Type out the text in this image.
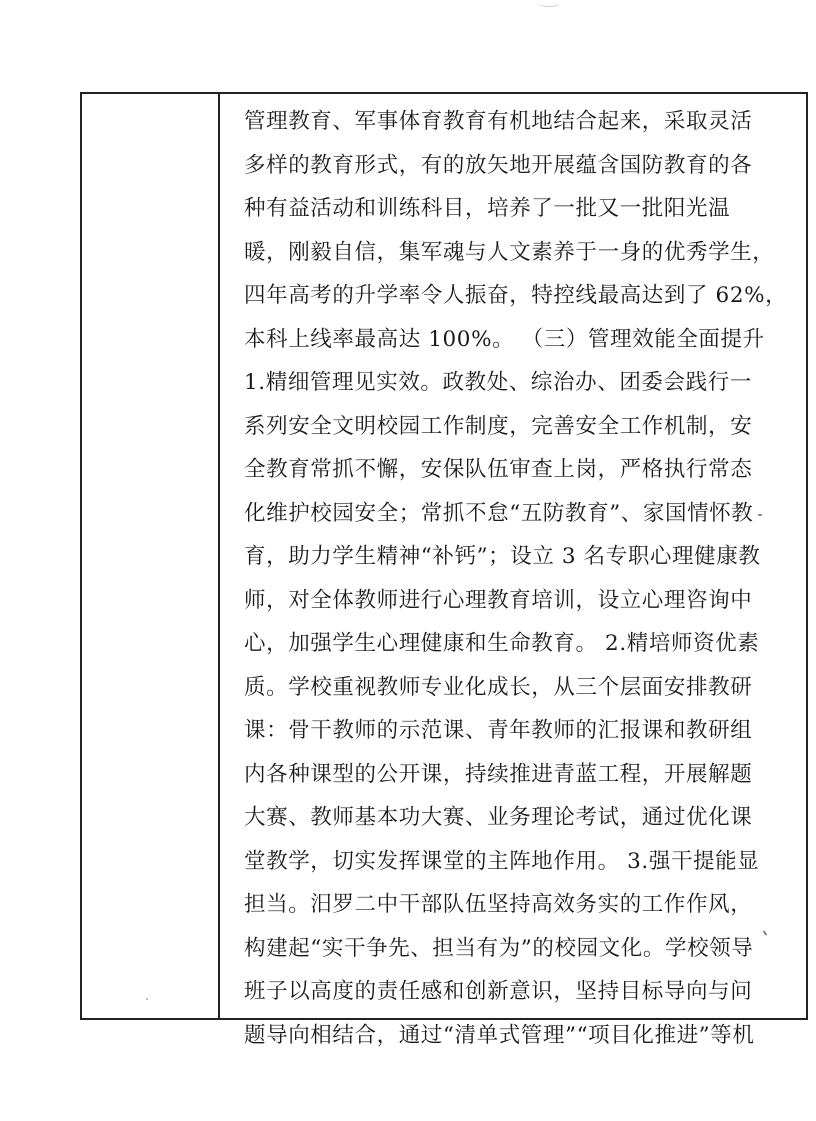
管理教育、军事体育教育有机地结合起来，采取灵活
多样的教育形式，有的放矢地开展蕴含国防教育的各
种有益活动和训练科目，培养了一批又一批阳光温
暖，刚毅自信，集军魂与人文素养于一身的优秀学生，
四年高考的升学率令人振奋，特控线最高达到了 62%，
本科上线率最高达 100%。 （三）管理效能全面提升
1.精细管理见实效。政教处、综治办、团委会践行一
系列安全文明校园工作制度，完善安全工作机制，安
全教育常抓不懈，安保队伍审查上岗，严格执行常态
化维护校园安全；常抓不怠“五防教育”、家国情怀教
育，助力学生精神“补钙”；设立 3 名专职心理健康教
师，对全体教师进行心理教育培训，设立心理咨询中
心，加强学生心理健康和生命教育。 2.精培师资优素
质。学校重视教师专业化成长，从三个层面安排教研
课：骨干教师的示范课、青年教师的汇报课和教研组
内各种课型的公开课，持续推进青蓝工程，开展解题
大赛、教师基本功大赛、业务理论考试，通过优化课
堂教学，切实发挥课堂的主阵地作用。 3.强干提能显
担当。汨罗二中干部队伍坚持高效务实的工作作风，
构建起“实干争先、担当有为”的校园文化。学校领导
班子以高度的责任感和创新意识，坚持目标导向与问
题导向相结合，通过“清单式管理”“项目化推进”等机
